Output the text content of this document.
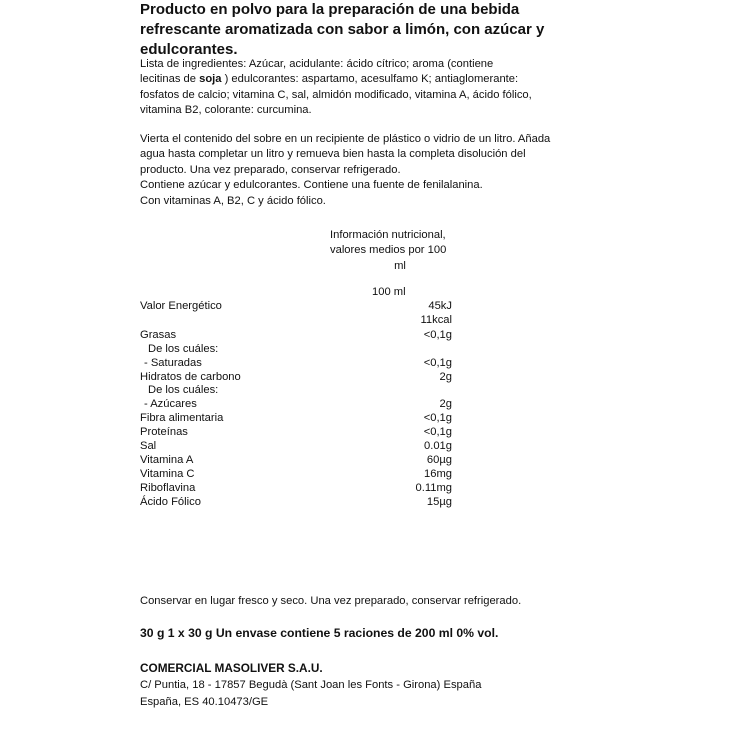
Producto en polvo para la preparación de una bebida
refrescante aromatizada con sabor a limón, con azúcar y
edulcorantes.
Lista de ingredientes: Azúcar, acidulante: ácido cítrico; aroma (contiene
lecitinas de soja ) edulcorantes: aspartamo, acesulfamo K; antiaglomerante:
fosfatos de calcio; vitamina C, sal, almidón modificado, vitamina A, ácido fólico,
vitamina B2, colorante: curcumina.
Vierta el contenido del sobre en un recipiente de plástico o vidrio de un litro. Añada
agua hasta completar un litro y remueva bien hasta la completa disolución del
producto. Una vez preparado, conservar refrigerado.
Contiene azúcar y edulcorantes. Contiene una fuente de fenilalanina.
Con vitaminas A, B2, C y ácido fólico.
Información nutricional,
valores medios por 100
ml
100 ml
Valor Energético	45kJ
11kcal
Grasas	<0,1g
De los cuáles:
- Saturadas	<0,1g
Hidratos de carbono	2g
De los cuáles:
- Azúcares	2g
Fibra alimentaria	<0,1g
Proteínas	<0,1g
Sal	0.01g
Vitamina A	60µg
Vitamina C	16mg
Riboflavina	0.11mg
Ácido Fólico	15µg
Conservar en lugar fresco y seco. Una vez preparado, conservar refrigerado.
30 g 1 x 30 g Un envase contiene 5 raciones de 200 ml 0% vol.
COMERCIAL MASOLIVER S.A.U.
C/ Puntia, 18 - 17857 Begudà (Sant Joan les Fonts - Girona) España
España, ES 40.10473/GE
